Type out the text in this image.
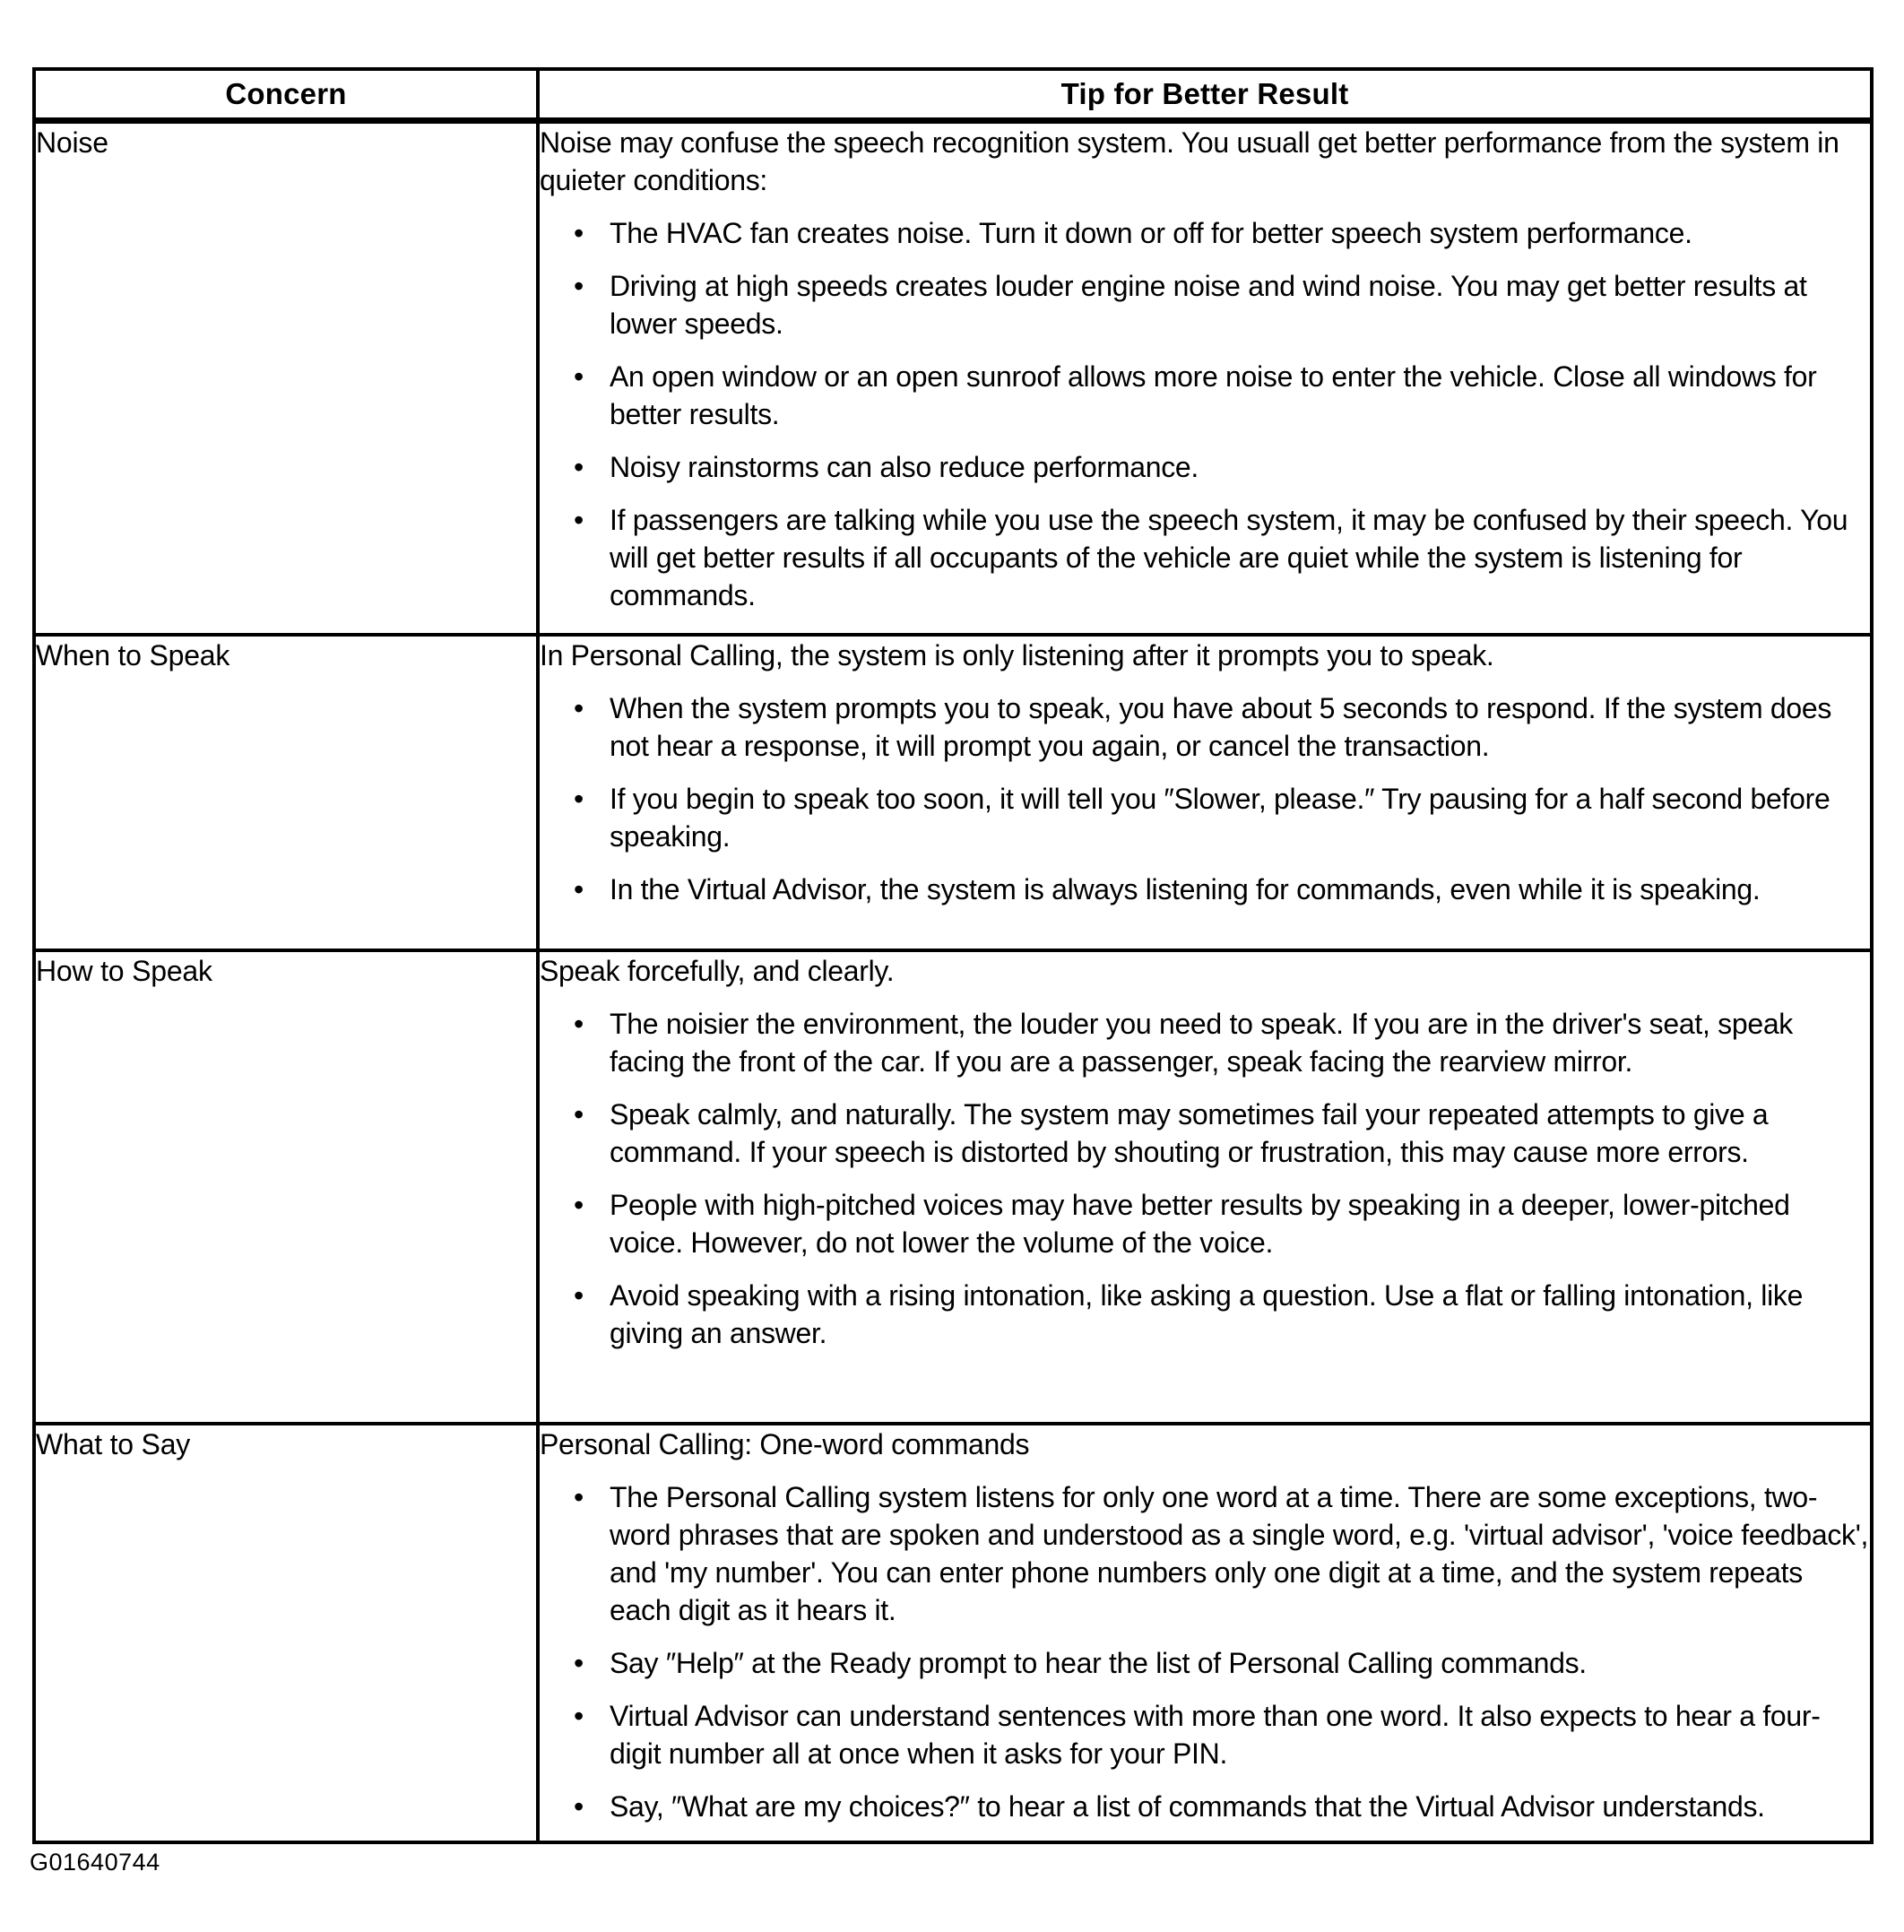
Concern	Tip for Better Result
Noise	Noise may confuse the speech recognition system. You usuall get better performance from the system in quieter conditions:

• The HVAC fan creates noise. Turn it down or off for better speech system performance.
• Driving at high speeds creates louder engine noise and wind noise. You may get better results at lower speeds.
• An open window or an open sunroof allows more noise to enter the vehicle. Close all windows for better results.
• Noisy rainstorms can also reduce performance.
• If passengers are talking while you use the speech system, it may be confused by their speech. You will get better results if all occupants of the vehicle are quiet while the system is listening for commands.

When to Speak	In Personal Calling, the system is only listening after it prompts you to speak.

• When the system prompts you to speak, you have about 5 seconds to respond. If the system does not hear a response, it will prompt you again, or cancel the transaction.
• If you begin to speak too soon, it will tell you ″Slower, please.″ Try pausing for a half second before speaking.
• In the Virtual Advisor, the system is always listening for commands, even while it is speaking.

How to Speak	Speak forcefully, and clearly.

• The noisier the environment, the louder you need to speak. If you are in the driver's seat, speak facing the front of the car. If you are a passenger, speak facing the rearview mirror.
• Speak calmly, and naturally. The system may sometimes fail your repeated attempts to give a command. If your speech is distorted by shouting or frustration, this may cause more errors.
• People with high-pitched voices may have better results by speaking in a deeper, lower-pitched voice. However, do not lower the volume of the voice.
• Avoid speaking with a rising intonation, like asking a question. Use a flat or falling intonation, like giving an answer.

What to Say	Personal Calling: One-word commands

• The Personal Calling system listens for only one word at a time. There are some exceptions, two-word phrases that are spoken and understood as a single word, e.g. 'virtual advisor', 'voice feedback', and 'my number'. You can enter phone numbers only one digit at a time, and the system repeats each digit as it hears it.
• Say ″Help″ at the Ready prompt to hear the list of Personal Calling commands.
• Virtual Advisor can understand sentences with more than one word. It also expects to hear a four-digit number all at once when it asks for your PIN.
• Say, ″What are my choices?″ to hear a list of commands that the Virtual Advisor understands.
G01640744
